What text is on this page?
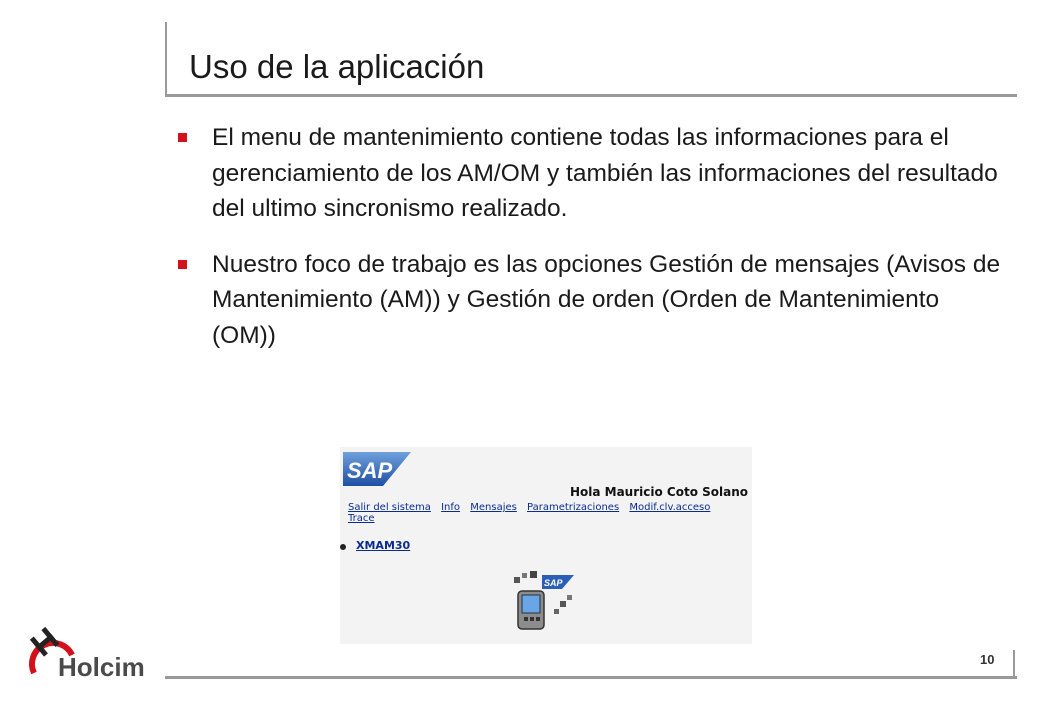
Uso de la aplicación
El menu de mantenimiento contiene todas las informaciones para el gerenciamiento de los AM/OM y también las informaciones del resultado del ultimo sincronismo realizado.
Nuestro foco de trabajo es las opciones Gestión de mensajes (Avisos de Mantenimiento (AM)) y Gestión de orden (Orden de Mantenimiento (OM))
SAP
Hola Mauricio Coto Solano
Salir del sistema Info Mensajes Parametrizaciones Modif.clv.acceso Trace
XMAM30
SAP
Holcim	10
